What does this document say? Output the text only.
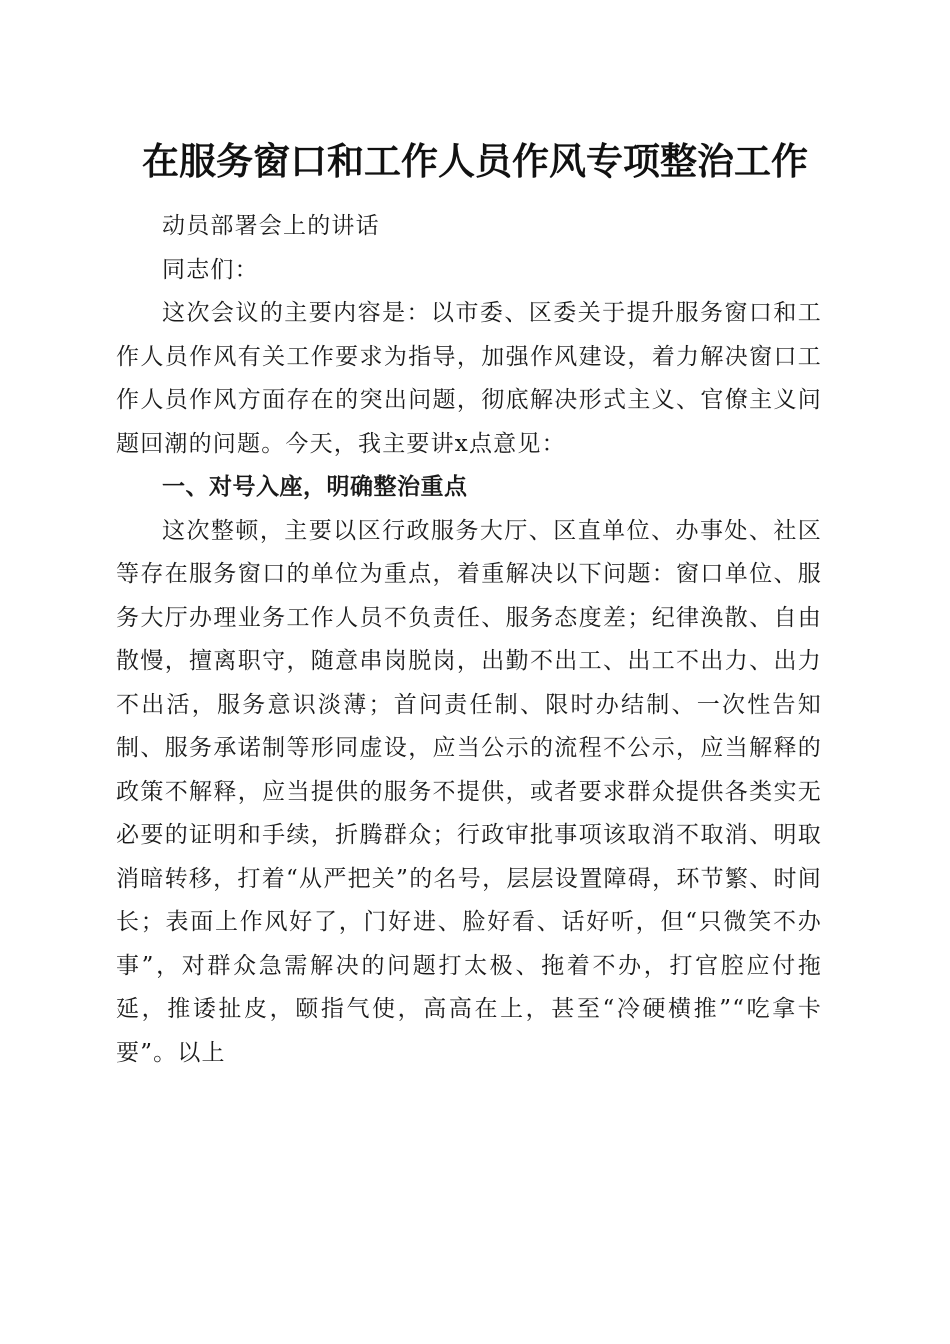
在服务窗口和工作人员作风专项整治工作

动员部署会上的讲话

同志们：

这次会议的主要内容是：以市委、区委关于提升服务窗口和工作人员作风有关工作要求为指导，加强作风建设，着力解决窗口工作人员作风方面存在的突出问题，彻底解决形式主义、官僚主义问题回潮的问题。今天，我主要讲x点意见：

一、对号入座，明确整治重点

这次整顿，主要以区行政服务大厅、区直单位、办事处、社区等存在服务窗口的单位为重点，着重解决以下问题：窗口单位、服务大厅办理业务工作人员不负责任、服务态度差；纪律涣散、自由散慢，擅离职守，随意串岗脱岗，出勤不出工、出工不出力、出力不出活，服务意识淡薄；首问责任制、限时办结制、一次性告知制、服务承诺制等形同虚设，应当公示的流程不公示，应当解释的政策不解释，应当提供的服务不提供，或者要求群众提供各类实无必要的证明和手续，折腾群众；行政审批事项该取消不取消、明取消暗转移，打着“从严把关”的名号，层层设置障碍，环节繁、时间长；表面上作风好了，门好进、脸好看、话好听，但“只微笑不办事”，对群众急需解决的问题打太极、拖着不办，打官腔应付拖延，推诿扯皮，颐指气使，高高在上，甚至“冷硬横推”“吃拿卡要”。以上
